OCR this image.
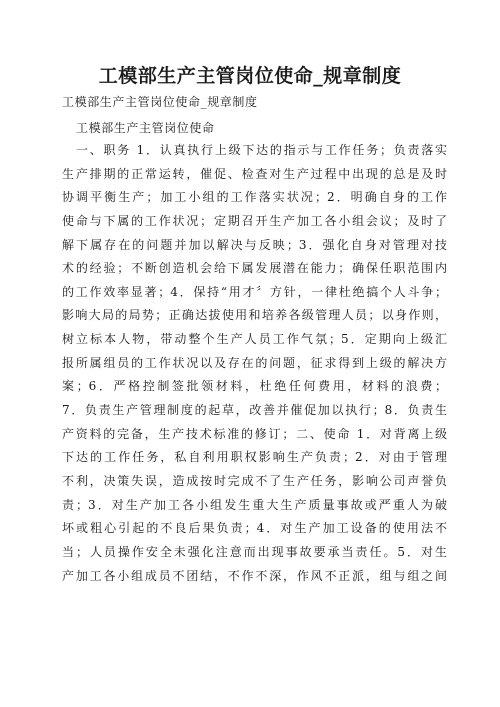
工模部生产主管岗位使命_规章制度
工模部生产主管岗位使命_规章制度
工模部生产主管岗位使命
一、职务 1．认真执行上级下达的指示与工作任务；负责落实
生产排期的正常运转，催促、检查对生产过程中出现的总是及时
协调平衡生产；加工小组的工作落实状况；2．明确自身的工作
使命与下属的工作状况；定期召开生产加工各小组会议；及时了
解下属存在的问题并加以解决与反映；3．强化自身对管理对技
术的经验；不断创造机会给下属发展潜在能力；确保任职范围内
的工作效率显著；4．保持“用才〞方针，一律杜绝搞个人斗争；
影响大局的局势；正确达拔使用和培养各级管理人员；以身作则，
树立标本人物，带动整个生产人员工作气氛；5．定期向上级汇
报所属组员的工作状况以及存在的问题，征求得到上级的解决方
案；6．严格控制签批领材料，杜绝任何费用，材料的浪费；
7．负责生产管理制度的起草，改善并催促加以执行；8．负责生
产资料的完备，生产技术标准的修订；二、使命 1．对背离上级
下达的工作任务，私自利用职权影响生产负责；2．对由于管理
不利，决策失误，造成按时完成不了生产任务，影响公司声誉负
责；3．对生产加工各小组发生重大生产质量事故或严重人为破
坏或粗心引起的不良后果负责；4．对生产加工设备的使用法不
当；人员操作安全未强化注意而出现事故要承当责任。5．对生
产加工各小组成员不团结，不作不深，作风不正派，组与组之间
